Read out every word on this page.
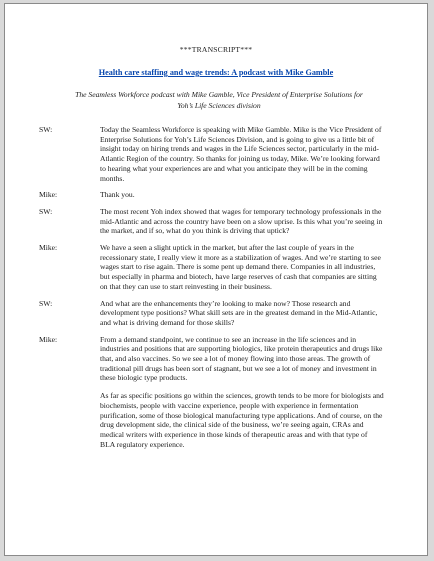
***TRANSCRIPT***
Health care staffing and wage trends: A podcast with Mike Gamble
The Seamless Workforce podcast with Mike Gamble, Vice President of Enterprise Solutions for Yoh’s Life Sciences division
SW:	Today the Seamless Workforce is speaking with Mike Gamble. Mike is the Vice President of Enterprise Solutions for Yoh’s Life Sciences Division, and is going to give us a little bit of insight today on hiring trends and wages in the Life Sciences sector, particularly in the mid-Atlantic Region of the country. So thanks for joining us today, Mike. We’re looking forward to hearing what your experiences are and what you anticipate they will be in the coming months.

Mike:	Thank you.

SW:	The most recent Yoh index showed that wages for temporary technology professionals in the mid-Atlantic and across the country have been on a slow uprise. Is this what you’re seeing in the market, and if so, what do you think is driving that uptick?

Mike:	We have a seen a slight uptick in the market, but after the last couple of years in the recessionary state, I really view it more as a stabilization of wages. And we’re starting to see wages start to rise again. There is some pent up demand there. Companies in all industries, but especially in pharma and biotech, have large reserves of cash that companies are sitting on that they can use to start reinvesting in their business.

SW:	And what are the enhancements they’re looking to make now? Those research and development type positions? What skill sets are in the greatest demand in the Mid-Atlantic, and what is driving demand for those skills?

Mike:	From a demand standpoint, we continue to see an increase in the life sciences and in industries and positions that are supporting biologics, like protein therapeutics and drugs like that, and also vaccines. So we see a lot of money flowing into those areas. The growth of traditional pill drugs has been sort of stagnant, but we see a lot of money and investment in these biologic type products.

As far as specific positions go within the sciences, growth tends to be more for biologists and biochemists, people with vaccine experience, people with experience in fermentation purification, some of those biological manufacturing type applications. And of course, on the drug development side, the clinical side of the business, we’re seeing again, CRAs and medical writers with experience in those kinds of therapeutic areas and with that type of BLA regulatory experience.
